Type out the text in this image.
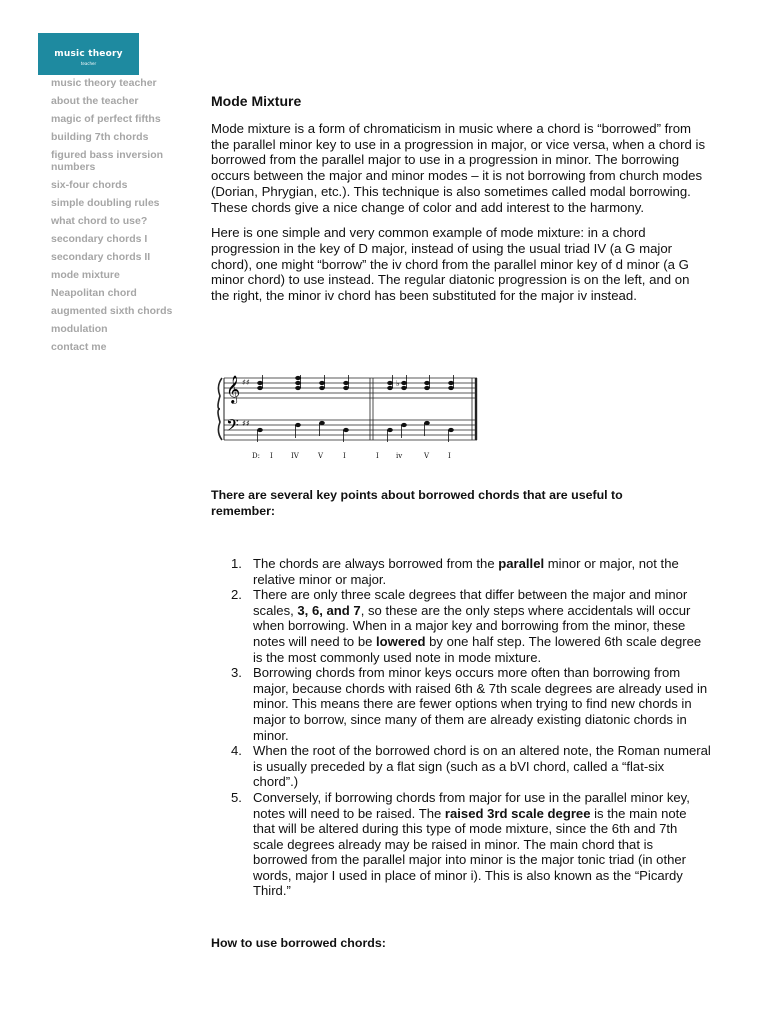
music theory
teacher
music theory teacher
about the teacher
magic of perfect fifths
building 7th chords
figured bass inversion numbers
six-four chords
simple doubling rules
what chord to use?
secondary chords I
secondary chords II
mode mixture
Neapolitan chord
augmented sixth chords
modulation
contact me
Mode Mixture

Mode mixture is a form of chromaticism in music where a chord is “borrowed” from the parallel minor key to use in a progression in major, or vice versa, when a chord is borrowed from the parallel major to use in a progression in minor. The borrowing occurs between the major and minor modes – it is not borrowing from church modes (Dorian, Phrygian, etc.). This technique is also sometimes called modal borrowing. These chords give a nice change of color and add interest to the harmony.

Here is one simple and very common example of mode mixture: in a chord progression in the key of D major, instead of using the usual triad IV (a G major chord), one might “borrow” the iv chord from the parallel minor key of d minor (a G minor chord) to use instead. The regular diatonic progression is on the left, and on the right, the minor iv chord has been substituted for the major iv instead.

𝄞
𝄢
♯♯
♯♯
♭
D: I	IV	V	I	I iv	V	I
There are several key points about borrowed chords that are useful to remember:
1. The chords are always borrowed from the parallel minor or major, not the relative minor or major.
2. There are only three scale degrees that differ between the major and minor scales, 3, 6, and 7, so these are the only steps where accidentals will occur when borrowing. When in a major key and borrowing from the minor, these notes will need to be lowered by one half step. The lowered 6th scale degree is the most commonly used note in mode mixture.
3. Borrowing chords from minor keys occurs more often than borrowing from major, because chords with raised 6th & 7th scale degrees are already used in minor. This means there are fewer options when trying to find new chords in major to borrow, since many of them are already existing diatonic chords in minor.
4. When the root of the borrowed chord is on an altered note, the Roman numeral is usually preceded by a flat sign (such as a bVI chord, called a “flat-six chord”.)
5. Conversely, if borrowing chords from major for use in the parallel minor key, notes will need to be raised. The raised 3rd scale degree is the main note that will be altered during this type of mode mixture, since the 6th and 7th scale degrees already may be raised in minor. The main chord that is borrowed from the parallel major into minor is the major tonic triad (in other words, major I used in place of minor i). This is also known as the “Picardy Third.”
How to use borrowed chords:
